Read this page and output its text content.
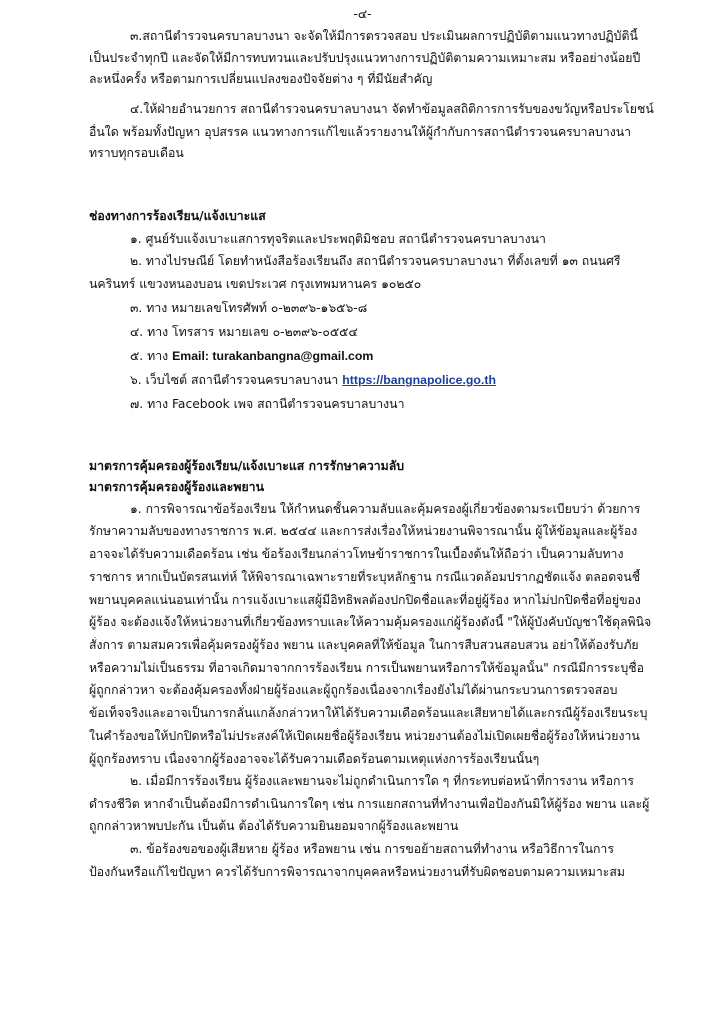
-๔-
๓.สถานีตำรวจนครบาลบางนา จะจัดให้มีการตรวจสอบ ประเมินผลการปฏิบัติตามแนวทางปฏิบัตินี้
เป็นประจำทุกปี และจัดให้มีการทบทวนและปรับปรุงแนวทางการปฏิบัติตามความเหมาะสม หรืออย่างน้อยปี
ละหนึ่งครั้ง หรือตามการเปลี่ยนแปลงของปัจจัยต่าง ๆ ที่มีนัยสำคัญ
๔.ให้ฝ่ายอำนวยการ สถานีตำรวจนครบาลบางนา จัดทำข้อมูลสถิติการการรับของขวัญหรือประโยชน์
อื่นใด พร้อมทั้งปัญหา อุปสรรค แนวทางการแก้ไขแล้วรายงานให้ผู้กำกับการสถานีตำรวจนครบาลบางนา
ทราบทุกรอบเดือน
ช่องทางการร้องเรียน/แจ้งเบาะแส
๑. ศูนย์รับแจ้งเบาะแสการทุจริตและประพฤติมิชอบ สถานีตำรวจนครบาลบางนา
๒. ทางไปรษณีย์ โดยทำหนังสือร้องเรียนถึง สถานีตำรวจนครบาลบางนา ที่ตั้งเลขที่ ๑๓ ถนนศรี
นครินทร์ แขวงหนองบอน เขตประเวศ กรุงเทพมหานคร ๑๐๒๕๐
๓. ทาง หมายเลขโทรศัพท์ ๐-๒๓๙๖-๑๖๕๖-๘
๔. ทาง โทรสาร หมายเลข ๐-๒๓๙๖-๐๕๕๔
๕. ทาง Email: turakanbangna@gmail.com
๖. เว็บไซต์ สถานีตำรวจนครบาลบางนา https://bangnapolice.go.th
๗. ทาง Facebook เพจ สถานีตำรวจนครบาลบางนา
มาตรการคุ้มครองผู้ร้องเรียน/แจ้งเบาะแส การรักษาความลับ
มาตรการคุ้มครองผู้ร้องและพยาน
๑. การพิจารณาข้อร้องเรียน ให้กำหนดชั้นความลับและคุ้มครองผู้เกี่ยวข้องตามระเบียบว่า ด้วยการ
รักษาความลับของทางราชการ พ.ศ. ๒๕๔๔ และการส่งเรื่องให้หน่วยงานพิจารณานั้น ผู้ให้ข้อมูลและผู้ร้อง
อาจจะได้รับความเดือดร้อน เช่น ข้อร้องเรียนกล่าวโทษข้าราชการในเบื้องต้นให้ถือว่า เป็นความลับทาง
ราชการ หากเป็นบัตรสนเท่ห์ ให้พิจารณาเฉพาะรายที่ระบุหลักฐาน กรณีแวดล้อมปรากฏชัดแจ้ง ตลอดจนชี้
พยานบุคคลแน่นอนเท่านั้น การแจ้งเบาะแสผู้มีอิทธิพลต้องปกปิดชื่อและที่อยู่ผู้ร้อง หากไม่ปกปิดชื่อที่อยู่ของ
ผู้ร้อง จะต้องแจ้งให้หน่วยงานที่เกี่ยวข้องทราบและให้ความคุ้มครองแก่ผู้ร้องดังนี้ "ให้ผู้บังคับบัญชาใช้ดุลพินิจ
สั่งการ ตามสมควรเพื่อคุ้มครองผู้ร้อง พยาน และบุคคลที่ให้ข้อมูล ในการสืบสวนสอบสวน อย่าให้ต้องรับภัย
หรือความไม่เป็นธรรม ที่อาจเกิดมาจากการร้องเรียน การเป็นพยานหรือการให้ข้อมูลนั้น" กรณีมีการระบุชื่อ
ผู้ถูกกล่าวหา จะต้องคุ้มครองทั้งฝ่ายผู้ร้องและผู้ถูกร้องเนื่องจากเรื่องยังไม่ได้ผ่านกระบวนการตรวจสอบ
ข้อเท็จจริงและอาจเป็นการกลั่นแกล้งกล่าวหาให้ได้รับความเดือดร้อนและเสียหายได้และกรณีผู้ร้องเรียนระบุ
ในคำร้องขอให้ปกปิดหรือไม่ประสงค์ให้เปิดเผยชื่อผู้ร้องเรียน หน่วยงานต้องไม่เปิดเผยชื่อผู้ร้องให้หน่วยงาน
ผู้ถูกร้องทราบ เนื่องจากผู้ร้องอาจจะได้รับความเดือดร้อนตามเหตุแห่งการร้องเรียนนั้นๆ
๒. เมื่อมีการร้องเรียน ผู้ร้องและพยานจะไม่ถูกดำเนินการใด ๆ ที่กระทบต่อหน้าที่การงาน หรือการ
ดำรงชีวิต หากจำเป็นต้องมีการดำเนินการใดๆ เช่น การแยกสถานที่ทำงานเพื่อป้องกันมิให้ผู้ร้อง พยาน และผู้
ถูกกล่าวหาพบปะกัน เป็นต้น ต้องได้รับความยินยอมจากผู้ร้องและพยาน
๓. ข้อร้องขอของผู้เสียหาย ผู้ร้อง หรือพยาน เช่น การขอย้ายสถานที่ทำงาน หรือวิธีการในการ
ป้องกันหรือแก้ไขปัญหา ควรได้รับการพิจารณาจากบุคคลหรือหน่วยงานที่รับผิดชอบตามความเหมาะสม
